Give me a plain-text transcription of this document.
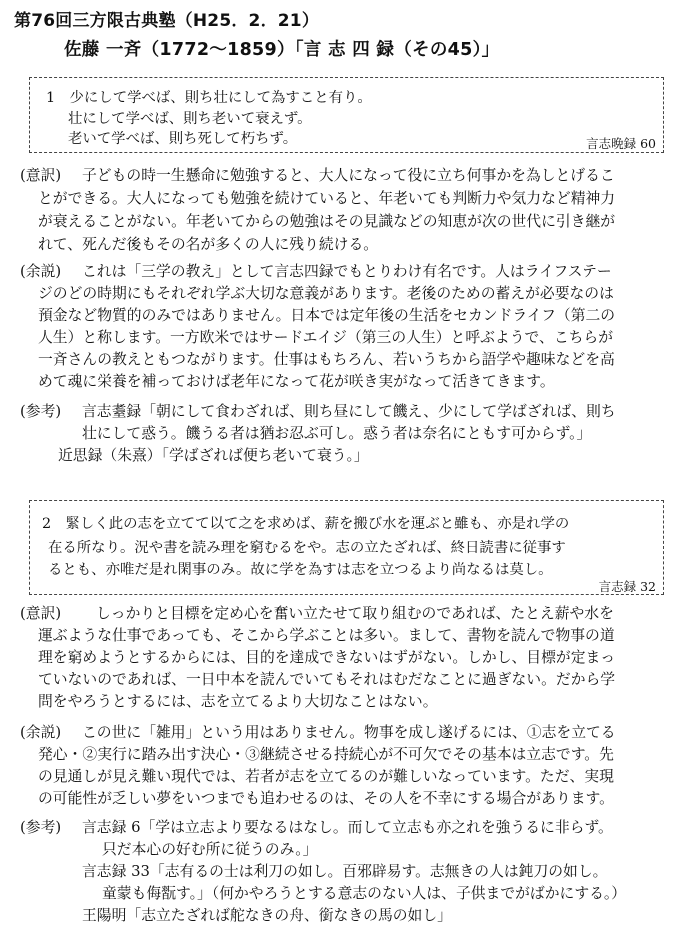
第76回三方限古典塾（H25．2．21）
佐藤 一斉（1772〜1859）「言 志 四 録（その45）」
1　少にして学べば、則ち壮にして為すこと有り。
壮にして学べば、則ち老いて衰えず。
老いて学べば、則ち死して朽ちず。	言志晩録 60
(意訳) 子どもの時一生懸命に勉強すると、大人になって役に立ち何事かを為しとげるこ
とができる。大人になっても勉強を続けていると、年老いても判断力や気力など精神力
が衰えることがない。年老いてからの勉強はその見識などの知恵が次の世代に引き継が
れて、死んだ後もその名が多くの人に残り続ける。
(余説) これは「三学の教え」として言志四録でもとりわけ有名です。人はライフステー
ジのどの時期にもそれぞれ学ぶ大切な意義があります。老後のための蓄えが必要なのは
預金など物質的のみではありません。日本では定年後の生活をセカンドライフ（第二の
人生）と称します。一方欧米ではサードエイジ（第三の人生）と呼ぶようで、こちらが
一斉さんの教えともつながります。仕事はもちろん、若いうちから語学や趣味などを高
めて魂に栄養を補っておけば老年になって花が咲き実がなって活きてきます。
(参考) 言志耋録「朝にして食わざれば、則ち昼にして饑え、少にして学ばざれば、則ち
壮にして惑う。饑うる者は猶お忍ぶ可し。惑う者は奈名にともす可からず。」
近思録（朱熹）「学ばざれば便ち老いて衰う。」
2　緊しく此の志を立てて以て之を求めば、薪を搬び水を運ぶと雖も、亦是れ学の
在る所なり。況や書を読み理を窮むるをや。志の立たざれば、終日読書に従事す
るとも、亦唯だ是れ閑事のみ。故に学を為すは志を立つるより尚なるは莫し。
言志録 32
(意訳) しっかりと目標を定め心を奮い立たせて取り組むのであれば、たとえ薪や水を
運ぶような仕事であっても、そこから学ぶことは多い。まして、書物を読んで物事の道
理を窮めようとするからには、目的を達成できないはずがない。しかし、目標が定まっ
ていないのであれば、一日中本を読んでいてもそれはむだなことに過ぎない。だから学
問をやろうとするには、志を立てるより大切なことはない。
(余説) この世に「雑用」という用はありません。物事を成し遂げるには、①志を立てる
発心・②実行に踏み出す決心・③継続させる持続心が不可欠でその基本は立志です。先
の見通しが見え難い現代では、若者が志を立てるのが難しいなっています。ただ、実現
の可能性が乏しい夢をいつまでも追わせるのは、その人を不幸にする場合があります。
(参考) 言志録 6「学は立志より要なるはなし。而して立志も亦之れを強うるに非らず。
只だ本心の好む所に従うのみ。」
言志録 33「志有るの士は利刀の如し。百邪辟易す。志無きの人は鈍刀の如し。
童蒙も侮翫す。」（何かやろうとする意志のない人は、子供までがばかにする。）
王陽明「志立たざれば舵なきの舟、銜なきの馬の如し」
